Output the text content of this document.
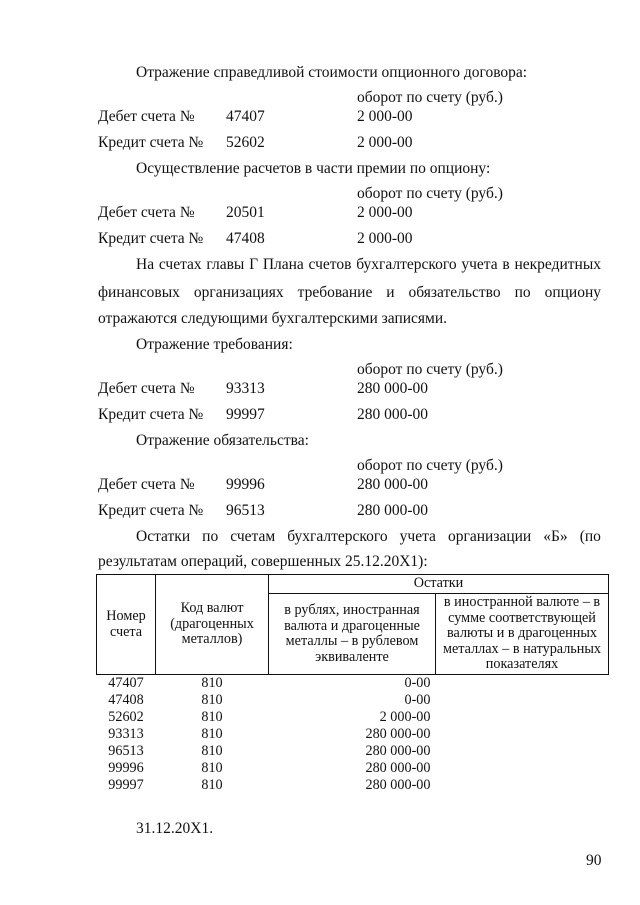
Отражение справедливой стоимости опционного договора:
оборот по счету (руб.)
Дебет счета № 47407	2 000-00
Кредит счета № 52602	2 000-00
Осуществление расчетов в части премии по опциону:
оборот по счету (руб.)
Дебет счета № 20501	2 000-00
Кредит счета № 47408	2 000-00
На счетах главы Г Плана счетов бухгалтерского учета в некредитных
финансовых организациях требование и обязательство по опциону
отражаются следующими бухгалтерскими записями.
Отражение требования:
оборот по счету (руб.)
Дебет счета № 93313	280 000-00
Кредит счета № 99997	280 000-00
Отражение обязательства:
оборот по счету (руб.)
Дебет счета № 99996	280 000-00
Кредит счета № 96513	280 000-00
Остатки по счетам бухгалтерского учета организации «Б» (по
результатам операций, совершенных 25.12.20Х1):
Номер счета	Код валют (драгоценных металлов)	Остатки	
		в рублях, иностранная валюта и драгоценные металлы – в рублевом эквиваленте	в иностранной валюте – в сумме соответствующей валюты и в драгоценных металлах – в натуральных показателях
47407	810	0-00	
47408	810	0-00	
52602	810	2 000-00	
93313	810	280 000-00	
96513	810	280 000-00	
99996	810	280 000-00	
99997	810	280 000-00	
31.12.20Х1.
90
